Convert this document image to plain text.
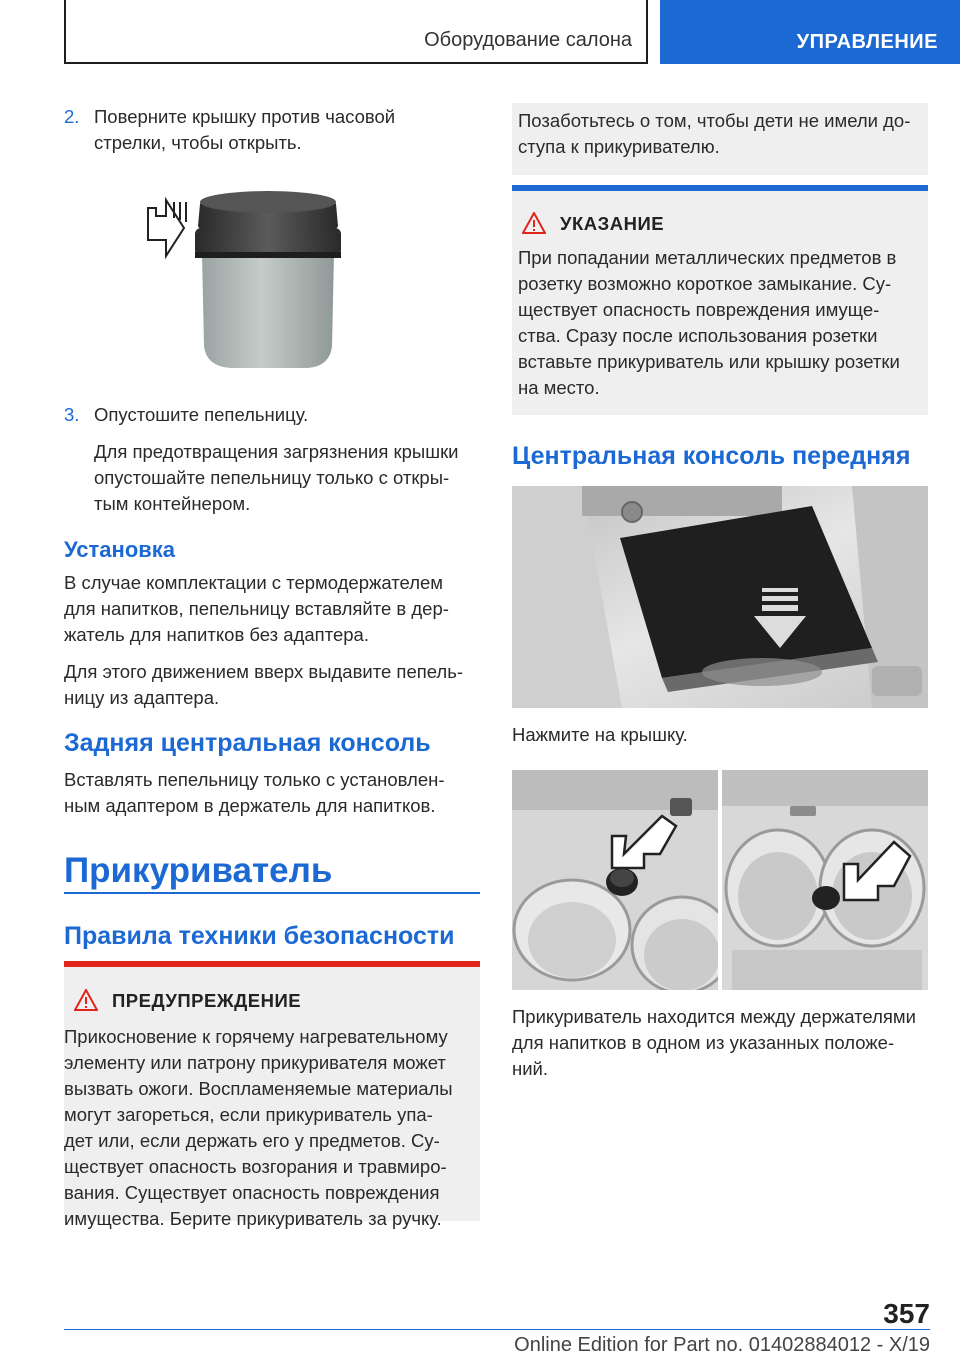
Оборудование салона	УПРАВЛЕНИЕ
2. Поверните крышку против часовой
стрелки, чтобы открыть.
3. Опустошите пепельницу.
Для предотвращения загрязнения крышки
опустошайте пепельницу только с откры-
тым контейнером.
Установка
В случае комплектации с термодержателем
для напитков, пепельницу вставляйте в дер-
жатель для напитков без адаптера.
Для этого движением вверх выдавите пепель-
ницу из адаптера.
Задняя центральная консоль
Вставлять пепельницу только с установлен-
ным адаптером в держатель для напитков.
Прикуриватель
Правила техники безопасности
ПРЕДУПРЕЖДЕНИЕ
Прикосновение к горячему нагревательному
элементу или патрону прикуривателя может
вызвать ожоги. Воспламеняемые материалы
могут загореться, если прикуриватель упа-
дет или, если держать его у предметов. Су-
ществует опасность возгорания и травмиро-
вания. Существует опасность повреждения
имущества. Берите прикуриватель за ручку.
Позаботьтесь о том, чтобы дети не имели до-
ступа к прикуривателю.
УКАЗАНИЕ
При попадании металлических предметов в
розетку возможно короткое замыкание. Су-
ществует опасность повреждения имуще-
ства. Сразу после использования розетки
вставьте прикуриватель или крышку розетки
на место.
Центральная консоль передняя
Нажмите на крышку.
Прикуриватель находится между держателями
для напитков в одном из указанных положе-
ний.
357
Online Edition for Part no. 01402884012 - X/19
